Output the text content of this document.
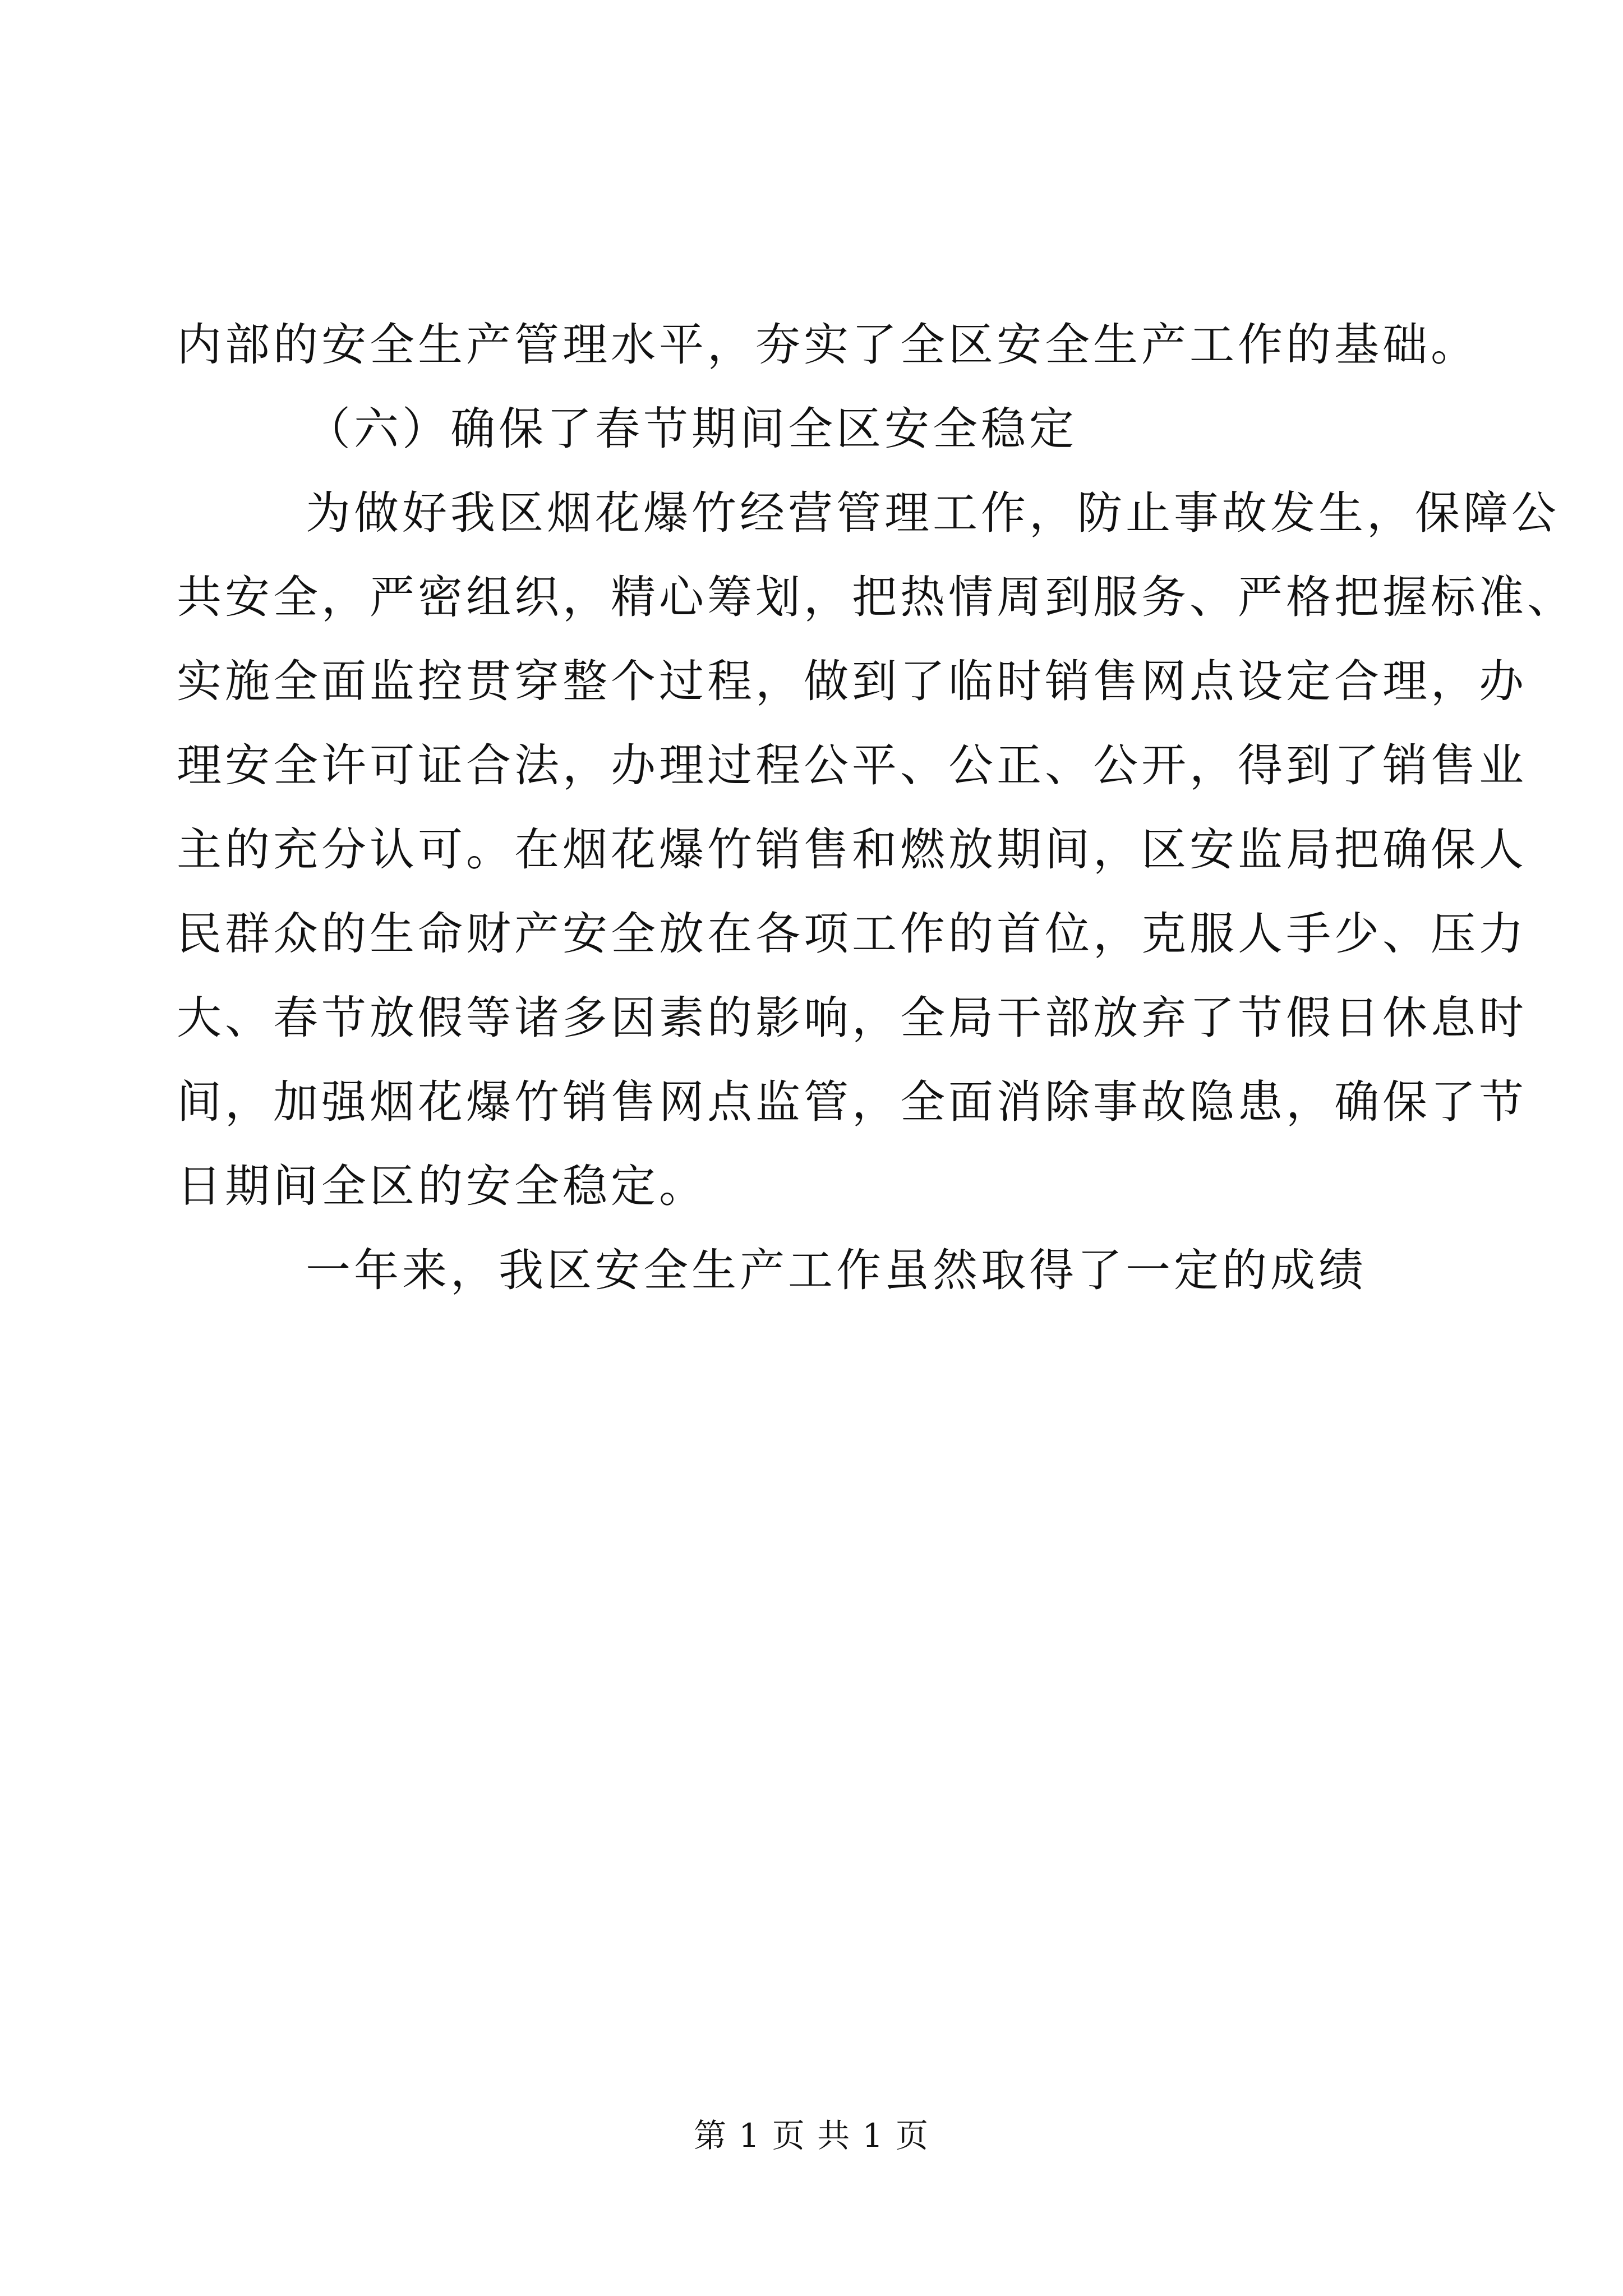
内部的安全生产管理水平，夯实了全区安全生产工作的基础。
（六）确保了春节期间全区安全稳定
为做好我区烟花爆竹经营管理工作，防止事故发生，保障公
共安全，严密组织，精心筹划，把热情周到服务、严格把握标准、
实施全面监控贯穿整个过程，做到了临时销售网点设定合理，办
理安全许可证合法，办理过程公平、公正、公开，得到了销售业
主的充分认可。在烟花爆竹销售和燃放期间，区安监局把确保人
民群众的生命财产安全放在各项工作的首位，克服人手少、压力
大、春节放假等诸多因素的影响，全局干部放弃了节假日休息时
间，加强烟花爆竹销售网点监管，全面消除事故隐患，确保了节
日期间全区的安全稳定。
一年来，我区安全生产工作虽然取得了一定的成绩
第 1 页 共 1 页
